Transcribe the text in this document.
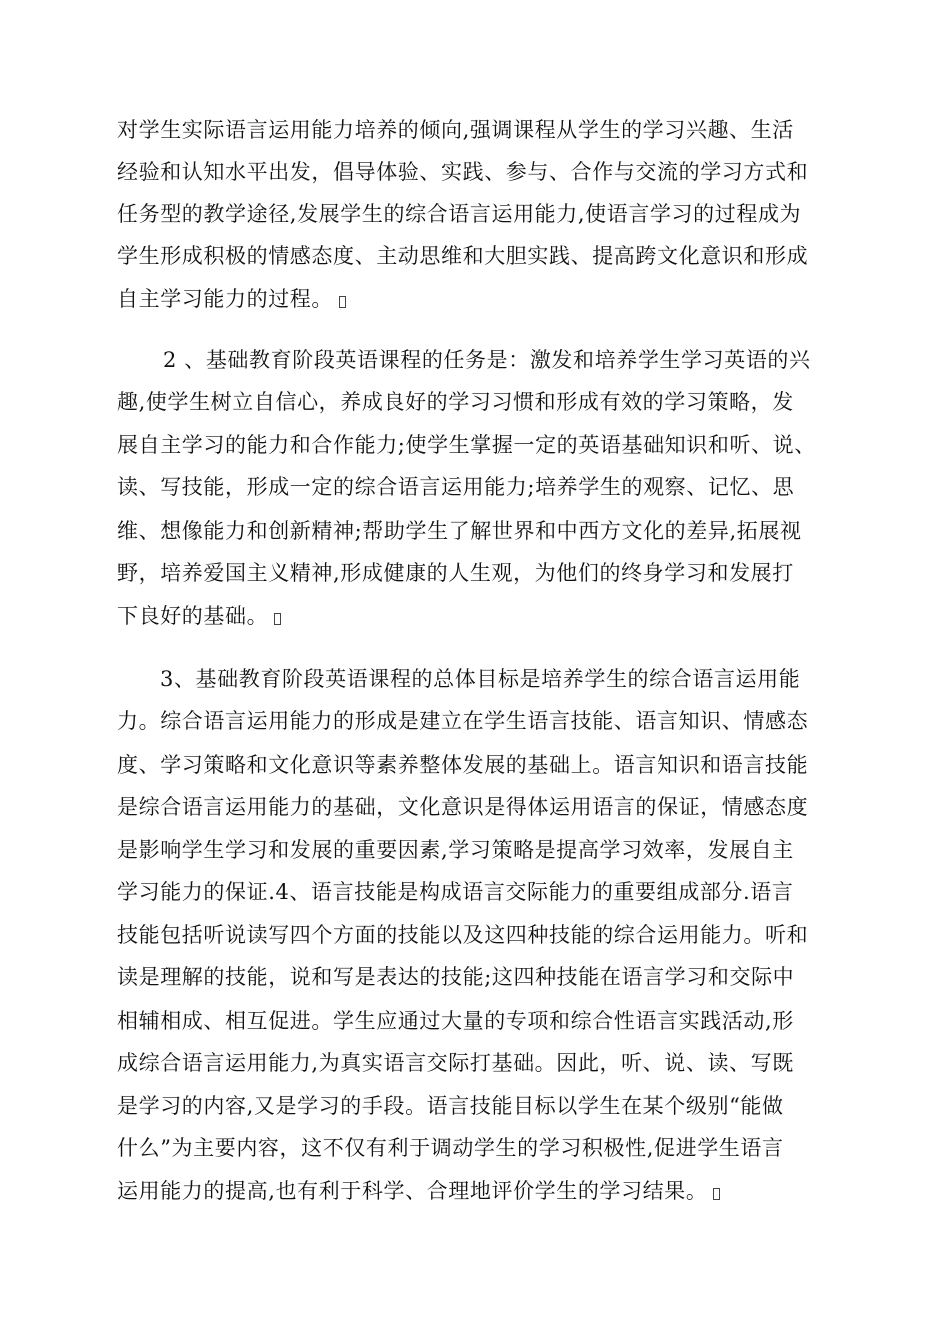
对学生实际语言运用能力培养的倾向,强调课程从学生的学习兴趣、生活
经验和认知水平出发，倡导体验、实践、参与、合作与交流的学习方式和
任务型的教学途径,发展学生的综合语言运用能力,使语言学习的过程成为
学生形成积极的情感态度、主动思维和大胆实践、提高跨文化意识和形成
自主学习能力的过程。
2 、基础教育阶段英语课程的任务是：激发和培养学生学习英语的兴
趣,使学生树立自信心，养成良好的学习习惯和形成有效的学习策略，发
展自主学习的能力和合作能力;使学生掌握一定的英语基础知识和听、说、
读、写技能，形成一定的综合语言运用能力;培养学生的观察、记忆、思
维、想像能力和创新精神;帮助学生了解世界和中西方文化的差异,拓展视
野，培养爱国主义精神,形成健康的人生观，为他们的终身学习和发展打
下良好的基础。
3、基础教育阶段英语课程的总体目标是培养学生的综合语言运用能
力。综合语言运用能力的形成是建立在学生语言技能、语言知识、情感态
度、学习策略和文化意识等素养整体发展的基础上。语言知识和语言技能
是综合语言运用能力的基础，文化意识是得体运用语言的保证，情感态度
是影响学生学习和发展的重要因素,学习策略是提高学习效率，发展自主
学习能力的保证.4、语言技能是构成语言交际能力的重要组成部分.语言
技能包括听说读写四个方面的技能以及这四种技能的综合运用能力。听和
读是理解的技能，说和写是表达的技能;这四种技能在语言学习和交际中
相辅相成、相互促进。学生应通过大量的专项和综合性语言实践活动,形
成综合语言运用能力,为真实语言交际打基础。因此，听、说、读、写既
是学习的内容,又是学习的手段。语言技能目标以学生在某个级别“能做
什么”为主要内容，这不仅有利于调动学生的学习积极性,促进学生语言
运用能力的提高,也有利于科学、合理地评价学生的学习结果。
